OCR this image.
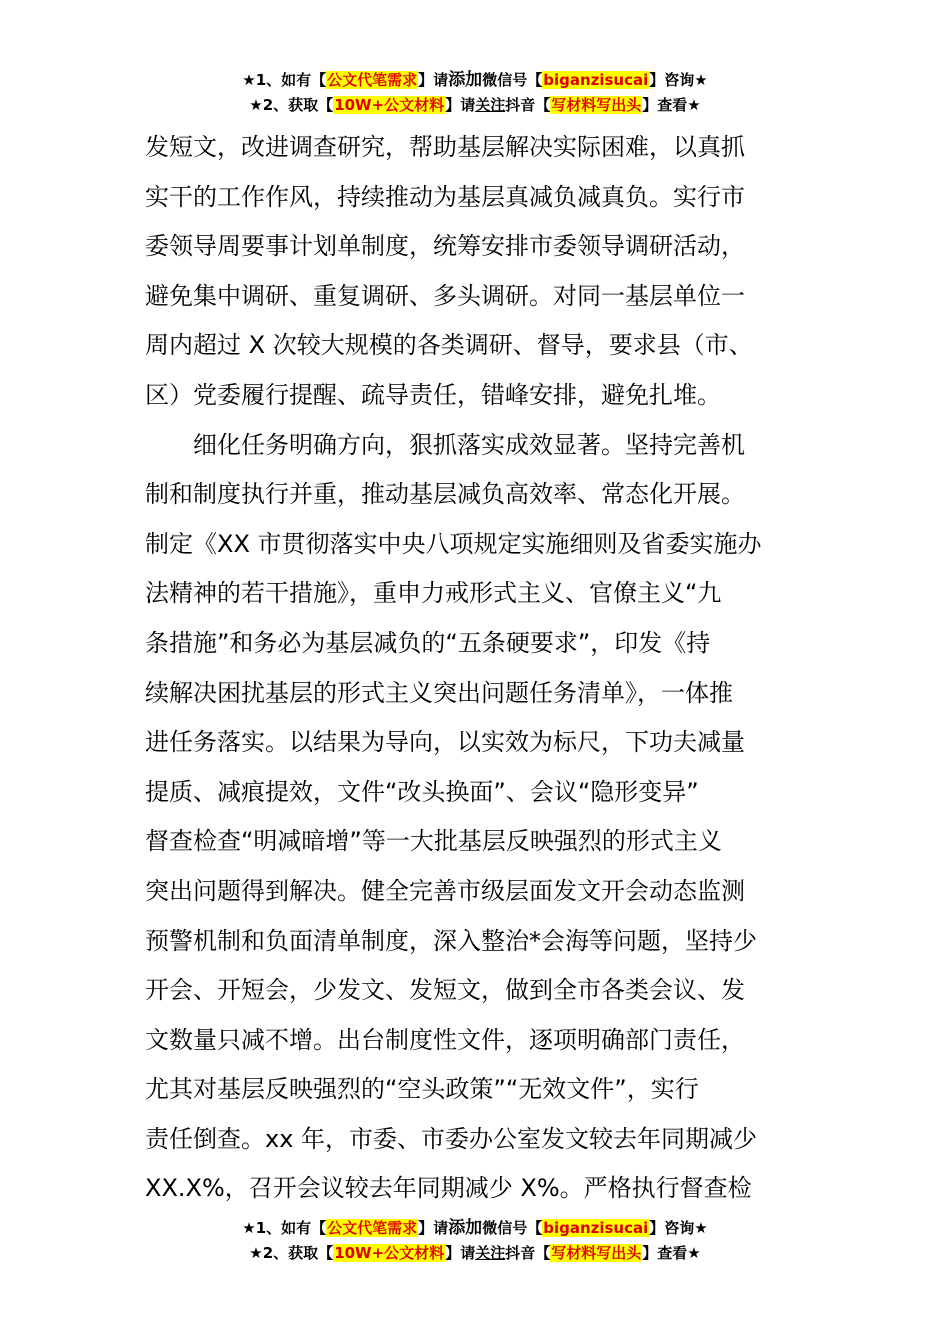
★1、如有【公文代笔需求】请添加微信号【biganzisucai】咨询★
★2、获取【10W+公文材料】请关注抖音【写材料写出头】查看★
发短文，改进调查研究，帮助基层解决实际困难，以真抓
实干的工作作风，持续推动为基层真减负减真负。实行市
委领导周要事计划单制度，统筹安排市委领导调研活动，
避免集中调研、重复调研、多头调研。对同一基层单位一
周内超过 X 次较大规模的各类调研、督导，要求县（市、
区）党委履行提醒、疏导责任，错峰安排，避免扎堆。
　　细化任务明确方向，狠抓落实成效显著。坚持完善机
制和制度执行并重，推动基层减负高效率、常态化开展。
制定《XX 市贯彻落实中央八项规定实施细则及省委实施办
法精神的若干措施》，重申力戒形式主义、官僚主义“九
条措施”和务必为基层减负的“五条硬要求”，印发《持
续解决困扰基层的形式主义突出问题任务清单》，一体推
进任务落实。以结果为导向，以实效为标尺，下功夫减量
提质、减痕提效，文件“改头换面”、会议“隐形变异”
督查检查“明减暗增”等一大批基层反映强烈的形式主义
突出问题得到解决。健全完善市级层面发文开会动态监测
预警机制和负面清单制度，深入整治*会海等问题，坚持少
开会、开短会，少发文、发短文，做到全市各类会议、发
文数量只减不增。出台制度性文件，逐项明确部门责任，
尤其对基层反映强烈的“空头政策”“无效文件”，实行
责任倒查。xx 年，市委、市委办公室发文较去年同期减少
XX.X%，召开会议较去年同期减少 X%。严格执行督查检
★1、如有【公文代笔需求】请添加微信号【biganzisucai】咨询★
★2、获取【10W+公文材料】请关注抖音【写材料写出头】查看★
